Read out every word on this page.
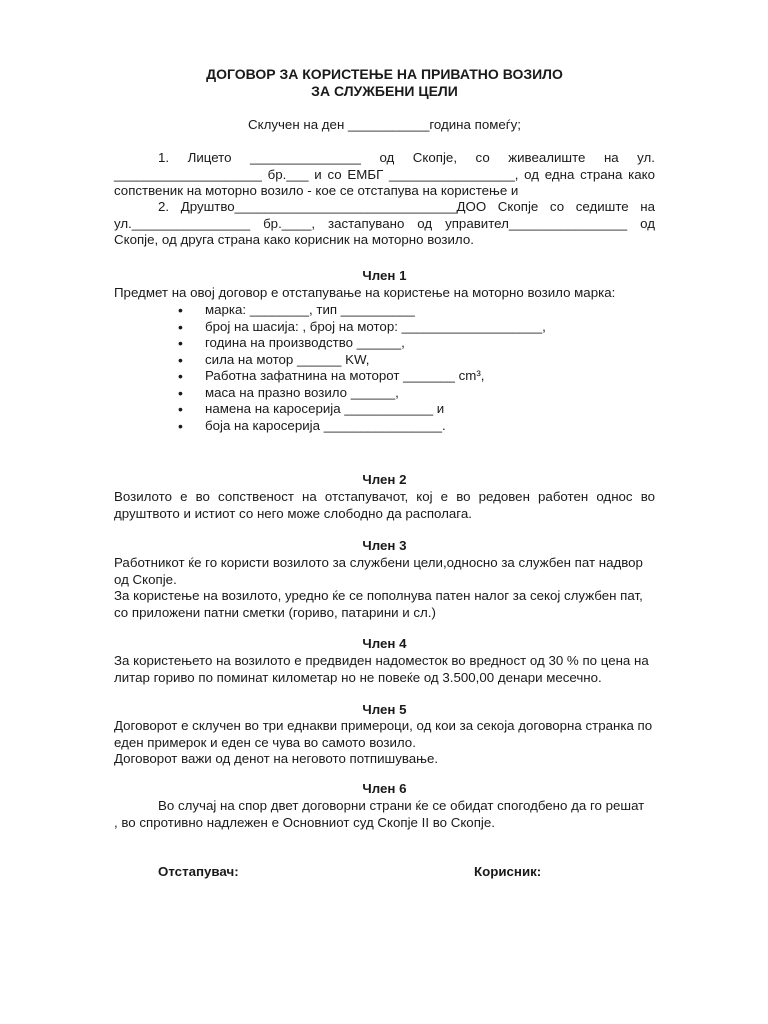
ДОГОВОР ЗА КОРИСТЕЊЕ НА ПРИВАТНО ВОЗИЛО
ЗА СЛУЖБЕНИ ЦЕЛИ
Склучен на ден ___________година помеѓу;

1. Лицето _______________ од Скопје, со живеалиште на ул. ____________________ бр.___ и со ЕМБГ _________________, од една страна како сопственик на моторно возило - кое се отстапува на користење и

2. Друштво______________________________ДОО Скопје со седиште на ул.________________ бр.____, застапувано од управител________________ од Скопје, од друга страна како корисник на моторно возило.

Член 1
Предмет на овој договор е отстапување на користење на моторно возило марка:
• марка: ________, тип __________
• број на шасија: , број на мотор: ___________________,
• година на производство ______,
• сила на мотор ______ KW,
• Работна зафатнина на моторот _______ cm³,
• маса на празно возило ______,
• намена на каросерија ____________ и
• боја на каросерија ________________.
Член 2

Возилото е во сопственост на отстапувачот, кој е во редовен работен однос во друштвото и истиот со него може слободно да располага.

Член 3

Работникот ќе го користи возилото за службени цели,односно за службен пат надвор од Скопје.

За користење на возилото, уредно ќе се пополнува патен налог за секој службен пат, со приложени патни сметки (гориво, патарини и сл.)

Член 4

За користењето на возилото е предвиден надоместок во вредност од 30 % по цена на литар гориво по поминат километар но не повеќе од 3.500,00 денари месечно.

Член 5

Договорот е склучен во три еднакви примероци, од кои за секоја договорна странка по еден примерок и еден се чува во самото возило.

Договорот важи од денот на неговото потпишување.

Член 6
Во случај на спор двет договорни страни ќе се обидат спогодбено да го решат
, во спротивно надлежен е Основниот суд Скопје II во Скопје.
Отстапувач:	Корисник:
